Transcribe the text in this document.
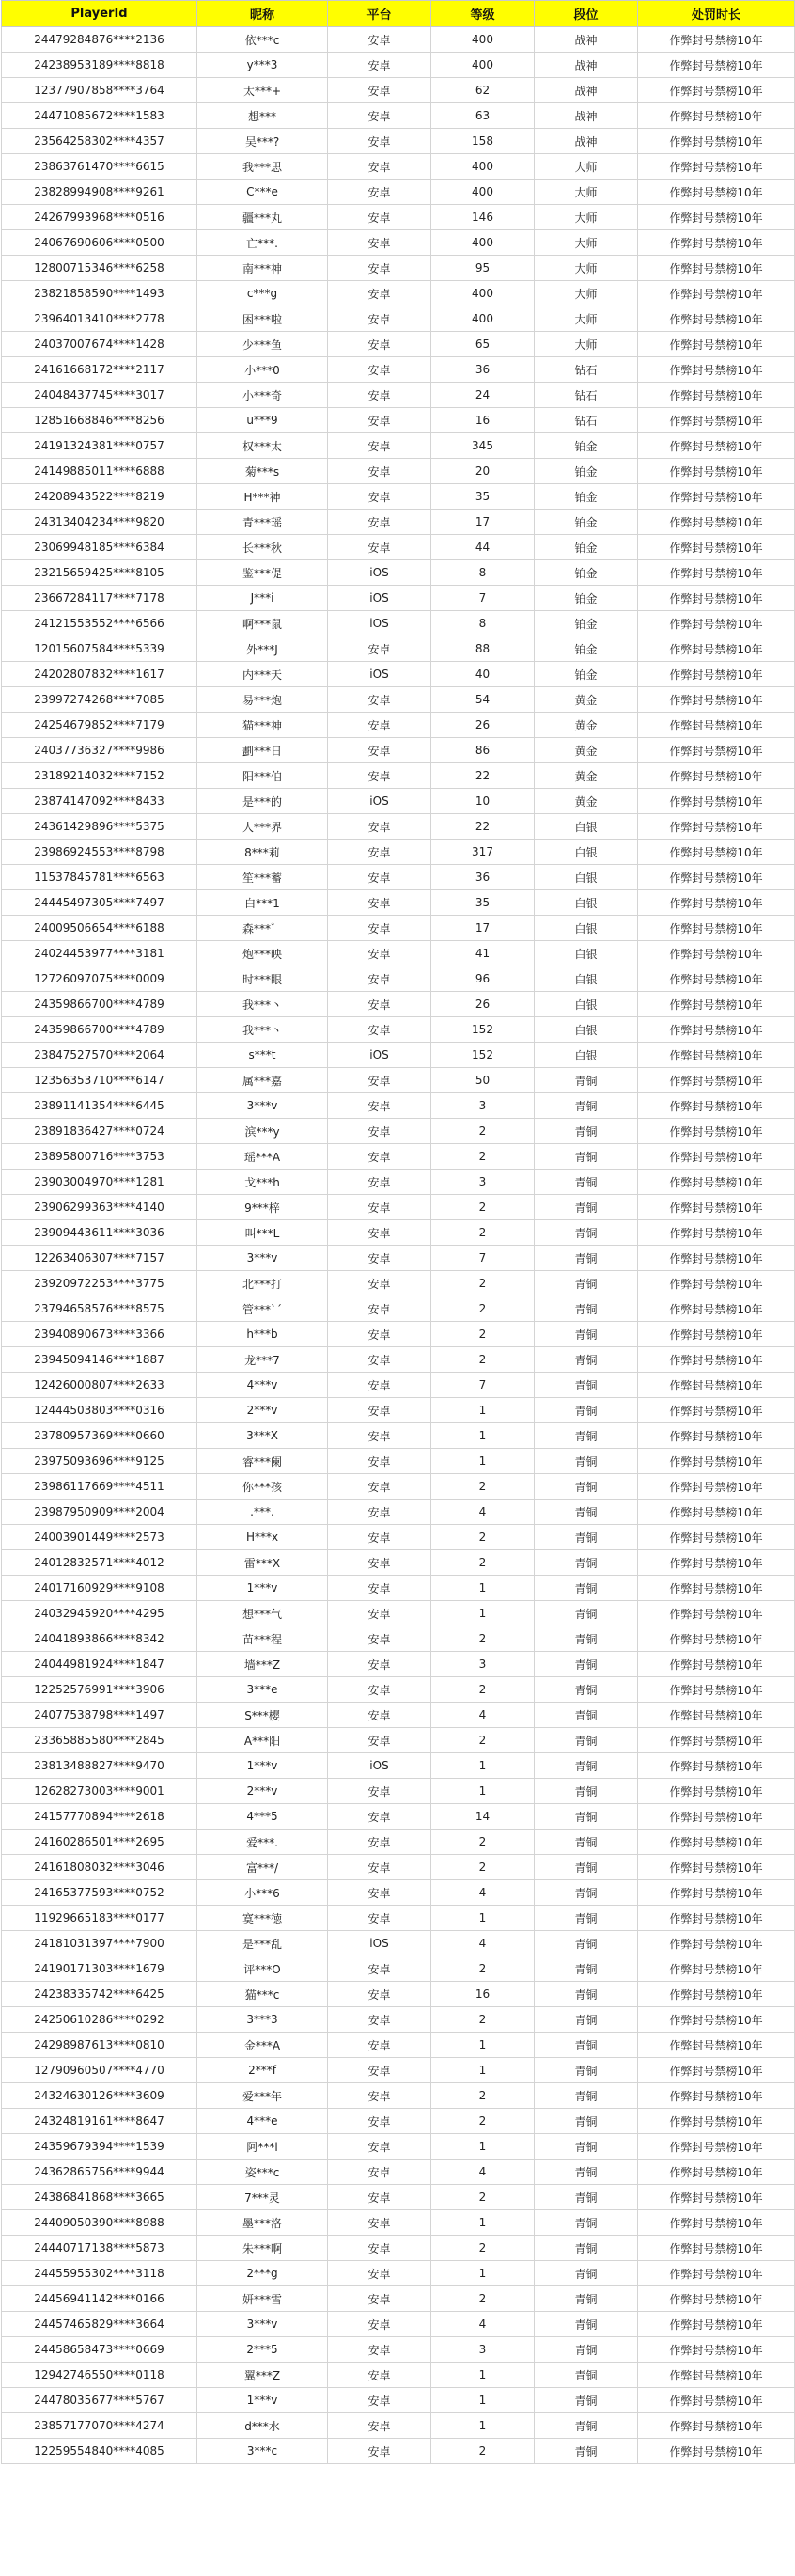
PlayerId	昵称	平台	等级	段位	处罚时长
24479284876****2136	依***c	安卓	400	战神	作弊封号禁榜10年
24238953189****8818	y***3	安卓	400	战神	作弊封号禁榜10年
12377907858****3764	太***+	安卓	62	战神	作弊封号禁榜10年
24471085672****1583	想***	安卓	63	战神	作弊封号禁榜10年
23564258302****4357	吴***?	安卓	158	战神	作弊封号禁榜10年
23863761470****6615	我***思	安卓	400	大师	作弊封号禁榜10年
23828994908****9261	C***e	安卓	400	大师	作弊封号禁榜10年
24267993968****0516	疆***丸	安卓	146	大师	作弊封号禁榜10年
24067690606****0500	亡***.	安卓	400	大师	作弊封号禁榜10年
12800715346****6258	南***神	安卓	95	大师	作弊封号禁榜10年
23821858590****1493	c***g	安卓	400	大师	作弊封号禁榜10年
23964013410****2778	困***啦	安卓	400	大师	作弊封号禁榜10年
24037007674****1428	少***鱼	安卓	65	大师	作弊封号禁榜10年
24161668172****2117	小***0	安卓	36	钻石	作弊封号禁榜10年
24048437745****3017	小***奇	安卓	24	钻石	作弊封号禁榜10年
12851668846****8256	u***9	安卓	16	钻石	作弊封号禁榜10年
24191324381****0757	权***太	安卓	345	铂金	作弊封号禁榜10年
24149885011****6888	菊***s	安卓	20	铂金	作弊封号禁榜10年
24208943522****8219	H***神	安卓	35	铂金	作弊封号禁榜10年
24313404234****9820	青***瑶	安卓	17	铂金	作弊封号禁榜10年
23069948185****6384	长***秋	安卓	44	铂金	作弊封号禁榜10年
23215659425****8105	鉴***偍	iOS	8	铂金	作弊封号禁榜10年
23667284117****7178	J***i	iOS	7	铂金	作弊封号禁榜10年
24121553552****6566	啊***鼠	iOS	8	铂金	作弊封号禁榜10年
12015607584****5339	外***J	安卓	88	铂金	作弊封号禁榜10年
24202807832****1617	内***天	iOS	40	铂金	作弊封号禁榜10年
23997274268****7085	易***炮	安卓	54	黄金	作弊封号禁榜10年
24254679852****7179	猫***神	安卓	26	黄金	作弊封号禁榜10年
24037736327****9986	劃***日	安卓	86	黄金	作弊封号禁榜10年
23189214032****7152	阳***伯	安卓	22	黄金	作弊封号禁榜10年
23874147092****8433	是***的	iOS	10	黄金	作弊封号禁榜10年
24361429896****5375	人***界	安卓	22	白银	作弊封号禁榜10年
23986924553****8798	8***莉	安卓	317	白银	作弊封号禁榜10年
11537845781****6563	笙***蓄	安卓	36	白银	作弊封号禁榜10年
24445497305****7497	白***1	安卓	35	白银	作弊封号禁榜10年
24009506654****6188	森***゛	安卓	17	白银	作弊封号禁榜10年
24024453977****3181	炮***映	安卓	41	白银	作弊封号禁榜10年
12726097075****0009	时***眼	安卓	96	白银	作弊封号禁榜10年
24359866700****4789	我***丶	安卓	26	白银	作弊封号禁榜10年
24359866700****4789	我***丶	安卓	152	白银	作弊封号禁榜10年
23847527570****2064	s***t	iOS	152	白银	作弊封号禁榜10年
12356353710****6147	属***嘉	安卓	50	青铜	作弊封号禁榜10年
23891141354****6445	3***v	安卓	3	青铜	作弊封号禁榜10年
23891836427****0724	滨***y	安卓	2	青铜	作弊封号禁榜10年
23895800716****3753	瑶***A	安卓	2	青铜	作弊封号禁榜10年
23903004970****1281	戈***h	安卓	3	青铜	作弊封号禁榜10年
23906299363****4140	9***梓	安卓	2	青铜	作弊封号禁榜10年
23909443611****3036	叫***L	安卓	2	青铜	作弊封号禁榜10年
12263406307****7157	3***v	安卓	7	青铜	作弊封号禁榜10年
23920972253****3775	北***打	安卓	2	青铜	作弊封号禁榜10年
23794658576****8575	管***`´	安卓	2	青铜	作弊封号禁榜10年
23940890673****3366	h***b	安卓	2	青铜	作弊封号禁榜10年
23945094146****1887	龙***7	安卓	2	青铜	作弊封号禁榜10年
12426000807****2633	4***v	安卓	7	青铜	作弊封号禁榜10年
12444503803****0316	2***v	安卓	1	青铜	作弊封号禁榜10年
23780957369****0660	3***X	安卓	1	青铜	作弊封号禁榜10年
23975093696****9125	睿***阑	安卓	1	青铜	作弊封号禁榜10年
23986117669****4511	你***孩	安卓	2	青铜	作弊封号禁榜10年
23987950909****2004	.***.	安卓	4	青铜	作弊封号禁榜10年
24003901449****2573	H***x	安卓	2	青铜	作弊封号禁榜10年
24012832571****4012	雷***X	安卓	2	青铜	作弊封号禁榜10年
24017160929****9108	1***v	安卓	1	青铜	作弊封号禁榜10年
24032945920****4295	想***气	安卓	1	青铜	作弊封号禁榜10年
24041893866****8342	苗***程	安卓	2	青铜	作弊封号禁榜10年
24044981924****1847	墙***Z	安卓	3	青铜	作弊封号禁榜10年
12252576991****3906	3***e	安卓	2	青铜	作弊封号禁榜10年
24077538798****1497	S***樱	安卓	4	青铜	作弊封号禁榜10年
23365885580****2845	A***阳	安卓	2	青铜	作弊封号禁榜10年
23813488827****9470	1***v	iOS	1	青铜	作弊封号禁榜10年
12628273003****9001	2***v	安卓	1	青铜	作弊封号禁榜10年
24157770894****2618	4***5	安卓	14	青铜	作弊封号禁榜10年
24160286501****2695	爱***.	安卓	2	青铜	作弊封号禁榜10年
24161808032****3046	富***/	安卓	2	青铜	作弊封号禁榜10年
24165377593****0752	小***6	安卓	4	青铜	作弊封号禁榜10年
11929665183****0177	寞***徳	安卓	1	青铜	作弊封号禁榜10年
24181031397****7900	是***乱	iOS	4	青铜	作弊封号禁榜10年
24190171303****1679	评***O	安卓	2	青铜	作弊封号禁榜10年
24238335742****6425	猫***c	安卓	16	青铜	作弊封号禁榜10年
24250610286****0292	3***3	安卓	2	青铜	作弊封号禁榜10年
24298987613****0810	金***A	安卓	1	青铜	作弊封号禁榜10年
12790960507****4770	2***f	安卓	1	青铜	作弊封号禁榜10年
24324630126****3609	爱***年	安卓	2	青铜	作弊封号禁榜10年
24324819161****8647	4***e	安卓	2	青铜	作弊封号禁榜10年
24359679394****1539	阿***l	安卓	1	青铜	作弊封号禁榜10年
24362865756****9944	姿***c	安卓	4	青铜	作弊封号禁榜10年
24386841868****3665	7***灵	安卓	2	青铜	作弊封号禁榜10年
24409050390****8988	墨***洛	安卓	1	青铜	作弊封号禁榜10年
24440717138****5873	朱***啊	安卓	2	青铜	作弊封号禁榜10年
24455955302****3118	2***g	安卓	1	青铜	作弊封号禁榜10年
24456941142****0166	妍***雪	安卓	2	青铜	作弊封号禁榜10年
24457465829****3664	3***v	安卓	4	青铜	作弊封号禁榜10年
24458658473****0669	2***5	安卓	3	青铜	作弊封号禁榜10年
12942746550****0118	翼***Z	安卓	1	青铜	作弊封号禁榜10年
24478035677****5767	1***v	安卓	1	青铜	作弊封号禁榜10年
23857177070****4274	d***水	安卓	1	青铜	作弊封号禁榜10年
12259554840****4085	3***c	安卓	2	青铜	作弊封号禁榜10年
